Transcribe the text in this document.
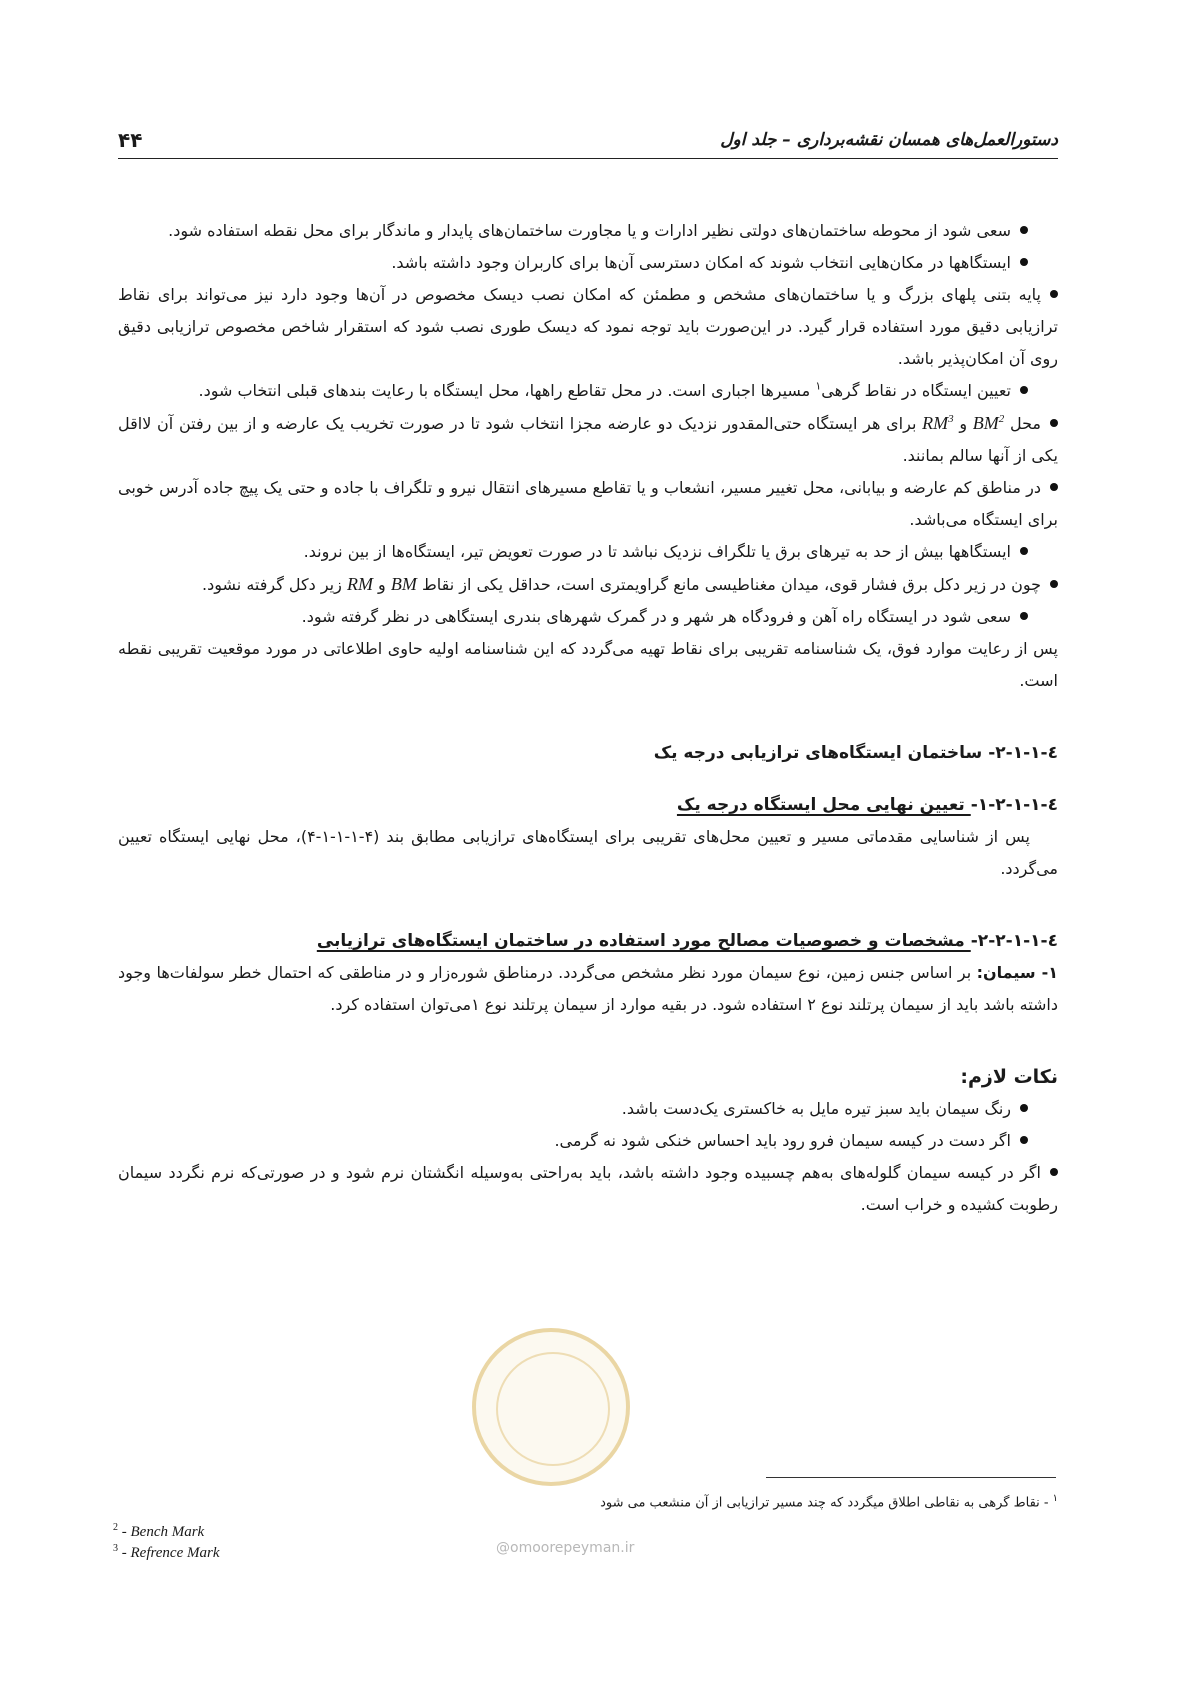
دستورالعمل‌های همسان نقشه‌برداری – جلد اول
۴۴

سعی شود از محوطه ساختمان‌های دولتی نظیر ادارات و یا مجاورت ساختمان‌های پایدار و ماندگار برای محل نقطه استفاده شود.

ایستگاهها در مکان‌هایی انتخاب شوند که امکان دسترسی آن‌ها برای کاربران وجود داشته باشد.

پایه بتنی پلهای بزرگ و یا ساختمان‌های مشخص و مطمئن که امکان نصب دیسک مخصوص در آن‌ها وجود دارد نیز می‌تواند برای نقاط ترازیابی دقیق مورد استفاده قرار گیرد. در این‌صورت باید توجه نمود که دیسک طوری نصب شود که استقرار شاخص مخصوص ترازیابی دقیق روی آن امکان‌پذیر باشد.

تعیین ایستگاه در نقاط گرهی$^۱$ مسیرها اجباری است. در محل تقاطع راهها، محل ایستگاه با رعایت بندهای قبلی انتخاب شود.

محل $BM^2$ و $RM^3$ برای هر ایستگاه حتی‌المقدور نزدیک دو عارضه مجزا انتخاب شود تا در صورت تخریب یک عارضه و از بین رفتن آن لااقل یکی از آنها سالم بمانند.

در مناطق کم عارضه و بیابانی، محل تغییر مسیر، انشعاب و یا تقاطع مسیرهای انتقال نیرو و تلگراف با جاده و حتی یک پیچ جاده آدرس خوبی برای ایستگاه می‌باشد.

ایستگاهها بیش از حد به تیرهای برق یا تلگراف نزدیک نباشد تا در صورت تعویض تیر، ایستگاه‌ها از بین نروند.

چون در زیر دکل برق فشار قوی، میدان مغناطیسی مانع گراویمتری است، حداقل یکی از نقاط BM و RM زیر دکل گرفته نشود.

سعی شود در ایستگاه راه آهن و فرودگاه هر شهر و در گمرک شهرهای بندری ایستگاهی در نظر گرفته شود.

پس از رعایت موارد فوق، یک شناسنامه تقریبی برای نقاط تهیه می‌گردد که این شناسنامه اولیه حاوی اطلاعاتی در مورد موقعیت تقریبی نقطه است.

٤-١-١-٢- ساختمان ایستگاه‌های ترازیابی درجه یک

٤-١-١-٢-١- تعیین نهایی محل ایستگاه درجه یک

پس از شناسایی مقدماتی مسیر و تعیین محل‌های تقریبی برای ایستگاه‌های ترازیابی مطابق بند (۴-۱-۱-۱-۴)، محل نهایی ایستگاه تعیین می‌گردد.

٤-١-١-٢-٢- مشخصات و خصوصیات مصالح مورد استفاده در ساختمان ایستگاه‌های ترازیابی

۱- سیمان: بر اساس جنس زمین، نوع سیمان مورد نظر مشخص می‌گردد. درمناطق شوره‌زار و در مناطقی که احتمال خطر سولفات‌ها وجود داشته باشد باید از سیمان پرتلند نوع ۲ استفاده شود. در بقیه موارد از سیمان پرتلند نوع ۱می‌توان استفاده کرد.

نکات لازم:

رنگ سیمان باید سبز تیره مایل به خاکستری یک‌دست باشد.

اگر دست در کیسه سیمان فرو رود باید احساس خنکی شود نه گرمی.

اگر در کیسه سیمان گلوله‌های به‌هم چسبیده وجود داشته باشد، باید به‌راحتی به‌وسیله انگشتان نرم شود و در صورتی‌که نرم نگردد سیمان رطوبت کشیده و خراب است.

$^۱$- نقاط گرهی به نقاطی اطلاق میگردد که چند مسیر ترازیابی از آن منشعب می شود
$^2$ - Bench Mark
$^3$ - Refrence Mark	@omoorepeyman.ir
